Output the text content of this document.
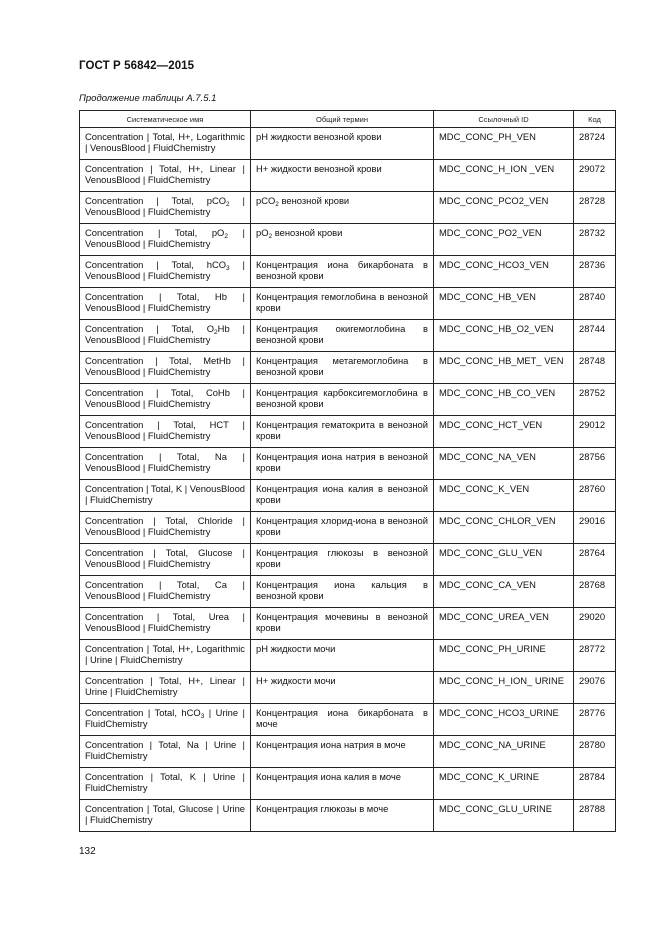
ГОСТ Р 56842—2015
Продолжение таблицы А.7.5.1
Систематическое имя	Общий термин	Ссылочный ID	Код
Concentration | Total, H+, Logarithmic | VenousBlood | FluidChemistry	pH жидкости венозной крови	MDC_CONC_PH_VEN	28724
Concentration | Total, H+, Linear | VenousBlood | FluidChemistry	H+ жидкости венозной крови	MDC_CONC_H_ION _VEN	29072
Concentration | Total, pCO$_2$ | VenousBlood | FluidChemistry	pCO$_2$ венозной крови	MDC_CONC_PCO2_VEN	28728
Concentration | Total, $pO_2$ | VenousBlood | FluidChemistry	$pO_2$ венозной крови	MDC_CONC_PO2_VEN	28732
Concentration | Total, hCO$_3$ | VenousBlood | FluidChemistry	Концентрация иона бикарбоната в венозной крови	MDC_CONC_HCO3_VEN	28736
Concentration | Total, Hb | VenousBlood | FluidChemistry	Концентрация гемоглобина в венозной крови	MDC_CONC_HB_VEN	28740
Concentration | Total, $O_2Hb$ | VenousBlood | FluidChemistry	Концентрация окигемоглобина в венозной крови	MDC_CONC_HB_O2_VEN	28744
Concentration | Total, MetHb | VenousBlood | FluidChemistry	Концентрация метагемоглобина в венозной крови	MDC_CONC_HB_MET_ VEN	28748
Concentration | Total, CoHb | VenousBlood | FluidChemistry	Концентрация карбоксигемоглобина в венозной крови	MDC_CONC_HB_CO_VEN	28752
Concentration | Total, HCT | VenousBlood | FluidChemistry	Концентрация гематокрита в венозной крови	MDC_CONC_HCT_VEN	29012
Concentration | Total, Na | VenousBlood | FluidChemistry	Концентрация иона натрия в венозной крови	MDC_CONC_NA_VEN	28756
Concentration | Total, K | VenousBlood | FluidChemistry	Концентрация иона калия в венозной крови	MDC_CONC_K_VEN	28760
Concentration | Total, Chloride | VenousBlood | FluidChemistry	Концентрация хлорид-иона в венозной крови	MDC_CONC_CHLOR_VEN	29016
Concentration | Total, Glucose | VenousBlood | FluidChemistry	Концентрация глюкозы в венозной крови	MDC_CONC_GLU_VEN	28764
Concentration | Total, Ca | VenousBlood | FluidChemistry	Концентрация иона кальция в венозной крови	MDC_CONC_CA_VEN	28768
Concentration | Total, Urea | VenousBlood | FluidChemistry	Концентрация мочевины в венозной крови	MDC_CONC_UREA_VEN	29020
Concentration | Total, H+, Logarithmic | Urine | FluidChemistry	pH жидкости мочи	MDC_CONC_PH_URINE	28772
Concentration | Total, H+, Linear | Urine | FluidChemistry	H+ жидкости мочи	MDC_CONC_H_ION_ URINE	29076
Concentration | Total, hCO$_3$ | Urine | FluidChemistry	Концентрация иона бикарбоната в моче	MDC_CONC_HCO3_URINE	28776
Concentration | Total, Na | Urine | FluidChemistry	Концентрация иона натрия в моче	MDC_CONC_NA_URINE	28780
Concentration | Total, K | Urine | FluidChemistry	Концентрация иона калия в моче	MDC_CONC_K_URINE	28784
Concentration | Total, Glucose | Urine | FluidChemistry	Концентрация глюкозы в моче	MDC_CONC_GLU_URINE	28788
132
